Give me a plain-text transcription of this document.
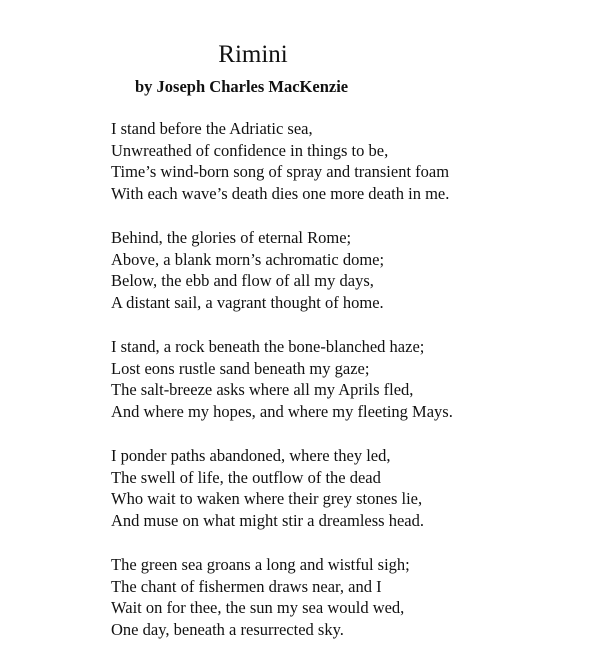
Rimini

by Joseph Charles MacKenzie

I stand before the Adriatic sea,
Unwreathed of confidence in things to be,
Time’s wind-born song of spray and transient foam
With each wave’s death dies one more death in me.
Behind, the glories of eternal Rome;
Above, a blank morn’s achromatic dome;
Below, the ebb and flow of all my days,
A distant sail, a vagrant thought of home.
I stand, a rock beneath the bone-blanched haze;
Lost eons rustle sand beneath my gaze;
The salt-breeze asks where all my Aprils fled,
And where my hopes, and where my fleeting Mays.
I ponder paths abandoned, where they led,
The swell of life, the outflow of the dead
Who wait to waken where their grey stones lie,
And muse on what might stir a dreamless head.
The green sea groans a long and wistful sigh;
The chant of fishermen draws near, and I
Wait on for thee, the sun my sea would wed,
One day, beneath a resurrected sky.
